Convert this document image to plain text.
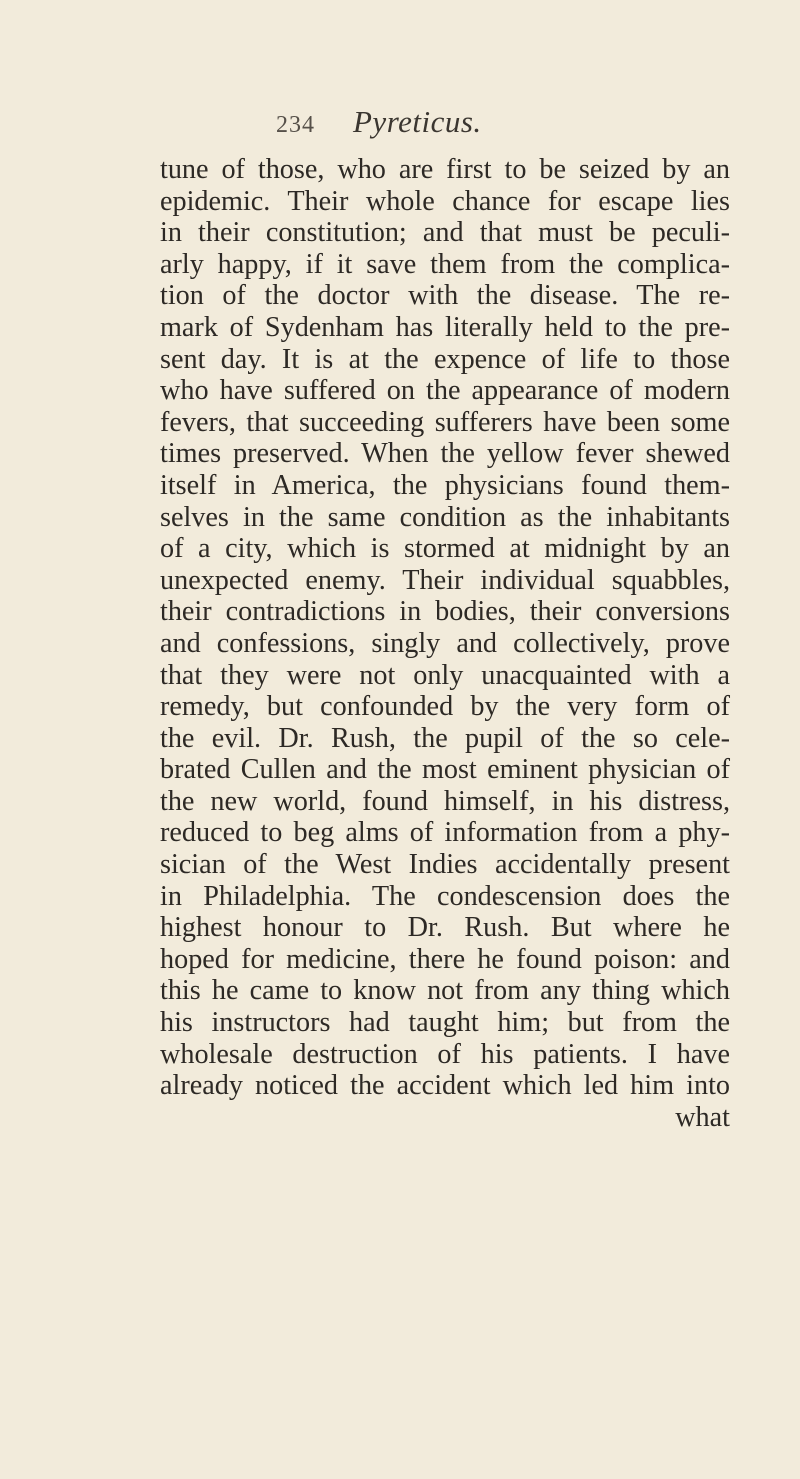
234 Pyreticus.
tune of those, who are first to be seized by an
epidemic. Their whole chance for escape lies
in their constitution; and that must be peculi-
arly happy, if it save them from the complica-
tion of the doctor with the disease. The re-
mark of Sydenham has literally held to the pre-
sent day. It is at the expence of life to those
who have suffered on the appearance of modern
fevers, that succeeding sufferers have been some
times preserved. When the yellow fever shewed
itself in America, the physicians found them-
selves in the same condition as the inhabitants
of a city, which is stormed at midnight by an
unexpected enemy. Their individual squabbles,
their contradictions in bodies, their conversions
and confessions, singly and collectively, prove
that they were not only unacquainted with a
remedy, but confounded by the very form of
the evil. Dr. Rush, the pupil of the so cele-
brated Cullen and the most eminent physician of
the new world, found himself, in his distress,
reduced to beg alms of information from a phy-
sician of the West Indies accidentally present
in Philadelphia. The condescension does the
highest honour to Dr. Rush. But where he
hoped for medicine, there he found poison: and
this he came to know not from any thing which
his instructors had taught him; but from the
wholesale destruction of his patients. I have
already noticed the accident which led him into
what
